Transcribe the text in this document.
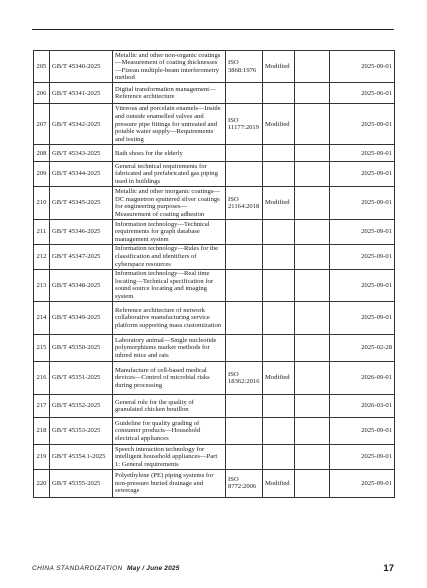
205	GB/T 45340-2025	Metallic and other non-organic coatings—Measurement of coating thicknesses—Fizeau multiple-beam interferometry method	ISO 3868:1976	Modified		2025-09-01
206	GB/T 45341-2025	Digital transformation management—Reference architecture				2025-06-01
207	GB/T 45342-2025	Vitreous and porcelain enamels—Inside and outside enamelled valves and pressure pipe fittings for untreated and potable water supply—Requirements and testing	ISO 11177:2019	Modified		2025-09-01
208	GB/T 45343-2025	Bath shoes for the elderly				2025-09-01
209	GB/T 45344-2025	General technical requirements for fabricated and prefabricated gas piping used in buildings				2025-09-01
210	GB/T 45345-2025	Metallic and other inorganic coatings—DC magnetron sputtered silver coatings for engineering purposes—Measurement of coating adhesion	ISO 21164:2018	Modified		2025-09-01
211	GB/T 45346-2025	Information technology—Technical requirements for graph database management system				2025-09-01
212	GB/T 45347-2025	Information technology—Rules for the classification and identifiers of cyberspace resources				2025-09-01
213	GB/T 45348-2025	Information technology—Real time locating—Technical specification for sound source locating and imaging system				2025-09-01
214	GB/T 45349-2025	Reference architecture of network collaborative manufacturing service platform supporting mass customization				2025-09-01
215	GB/T 45350-2025	Laboratory animal—Single nucleotide polymorphisms marker methods for inbred mice and rats				2025-02-28
216	GB/T 45351-2025	Manufacture of cell-based medical devices—Control of microbial risks during processing	ISO 18362:2016	Modified		2026-09-01
217	GB/T 45352-2025	General rule for the quality of granulated chicken bouillon				2026-03-01
218	GB/T 45353-2025	Guideline for quality grading of consumer products—Household electrical appliances				2025-09-01
219	GB/T 45354.1-2025	Speech interaction technology for intelligent household appliances—Part 1: General requirements				2025-09-01
220	GB/T 45355-2025	Polyethylene (PE) piping systems for non-pressure buried drainage and sewerage	ISO 8772:2006	Modified		2025-09-01
CHINA STANDARDIZATION May / June 2025	17
